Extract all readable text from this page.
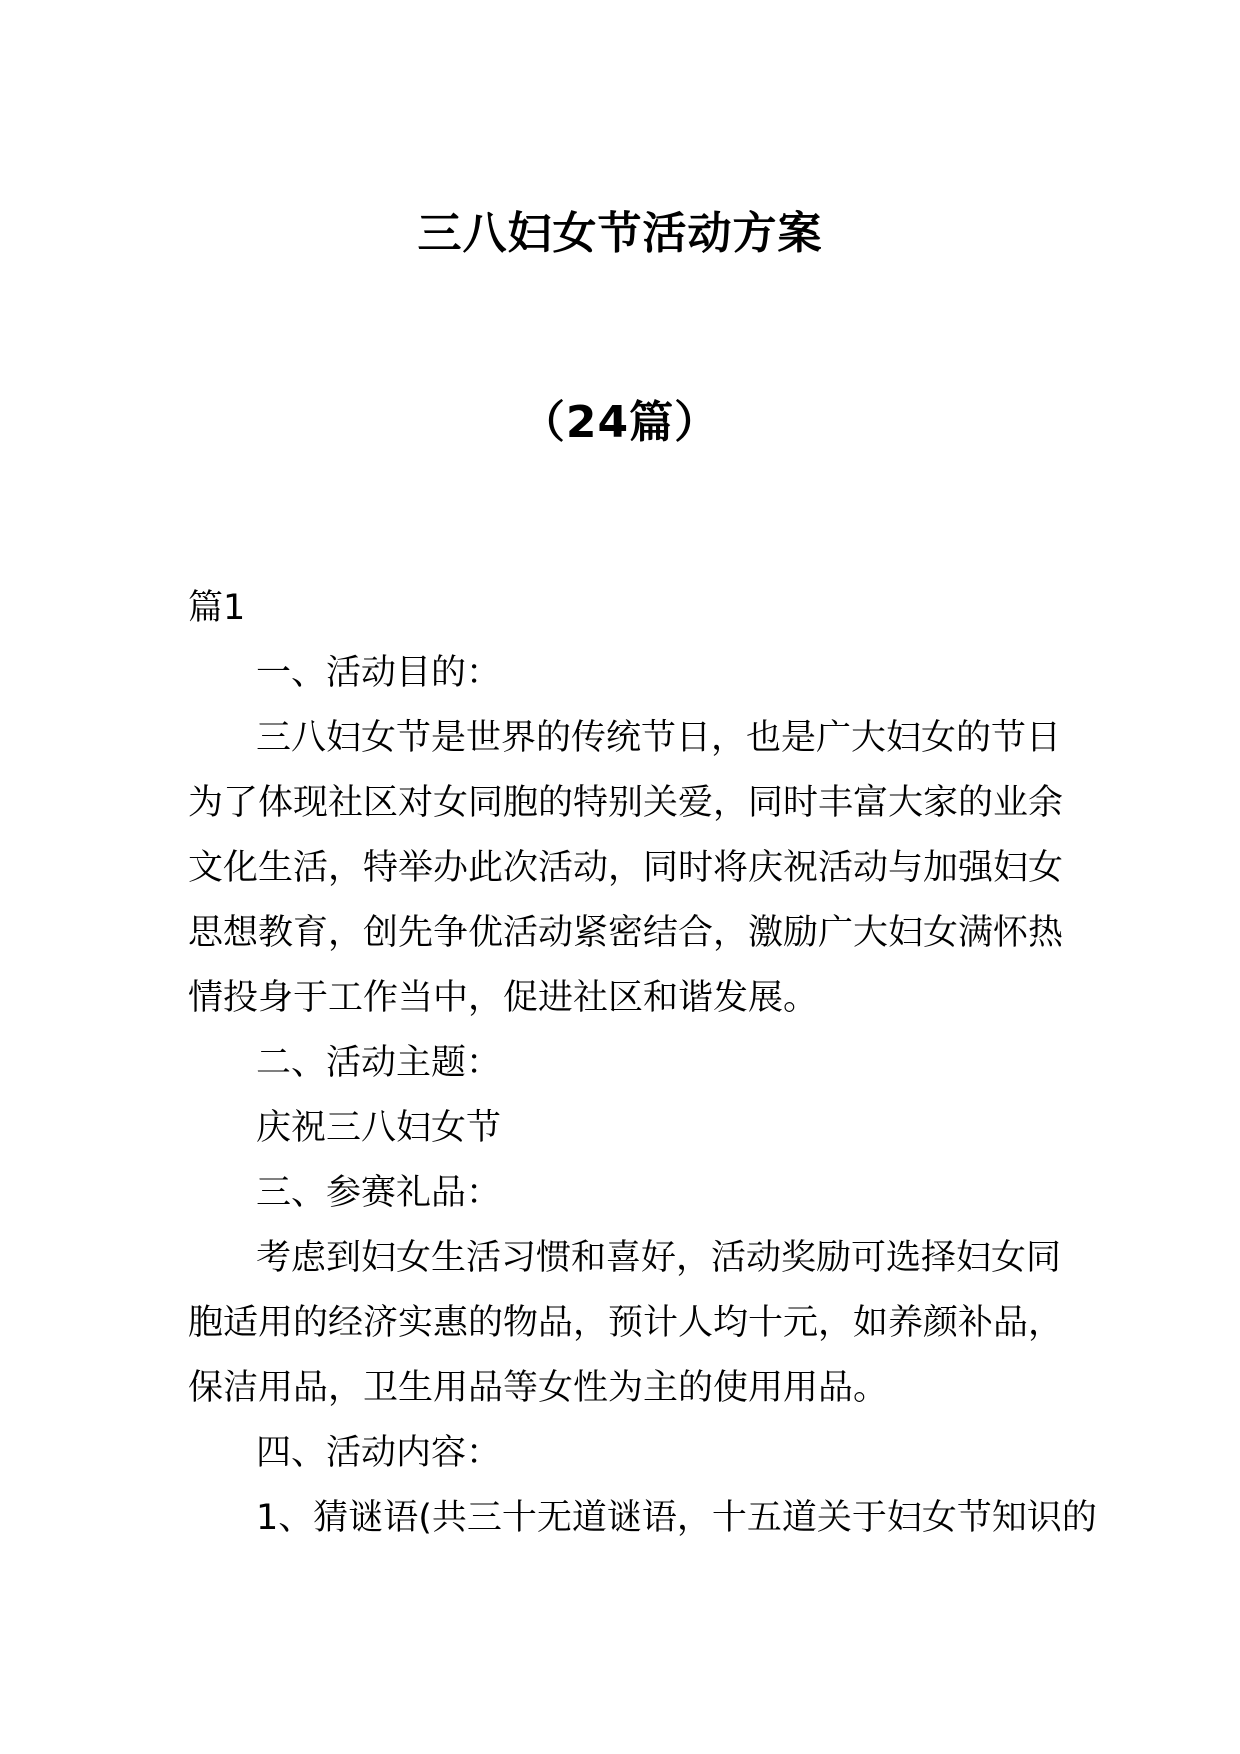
三八妇女节活动方案
（24篇）

篇1

一、活动目的：

三八妇女节是世界的传统节日，也是广大妇女的节日

为了体现社区对女同胞的特别关爱，同时丰富大家的业余

文化生活，特举办此次活动，同时将庆祝活动与加强妇女

思想教育，创先争优活动紧密结合，激励广大妇女满怀热

情投身于工作当中，促进社区和谐发展。

二、活动主题：

庆祝三八妇女节

三、参赛礼品：

考虑到妇女生活习惯和喜好，活动奖励可选择妇女同

胞适用的经济实惠的物品，预计人均十元，如养颜补品，

保洁用品，卫生用品等女性为主的使用用品。

四、活动内容：

1、猜谜语(共三十无道谜语，十五道关于妇女节知识的
